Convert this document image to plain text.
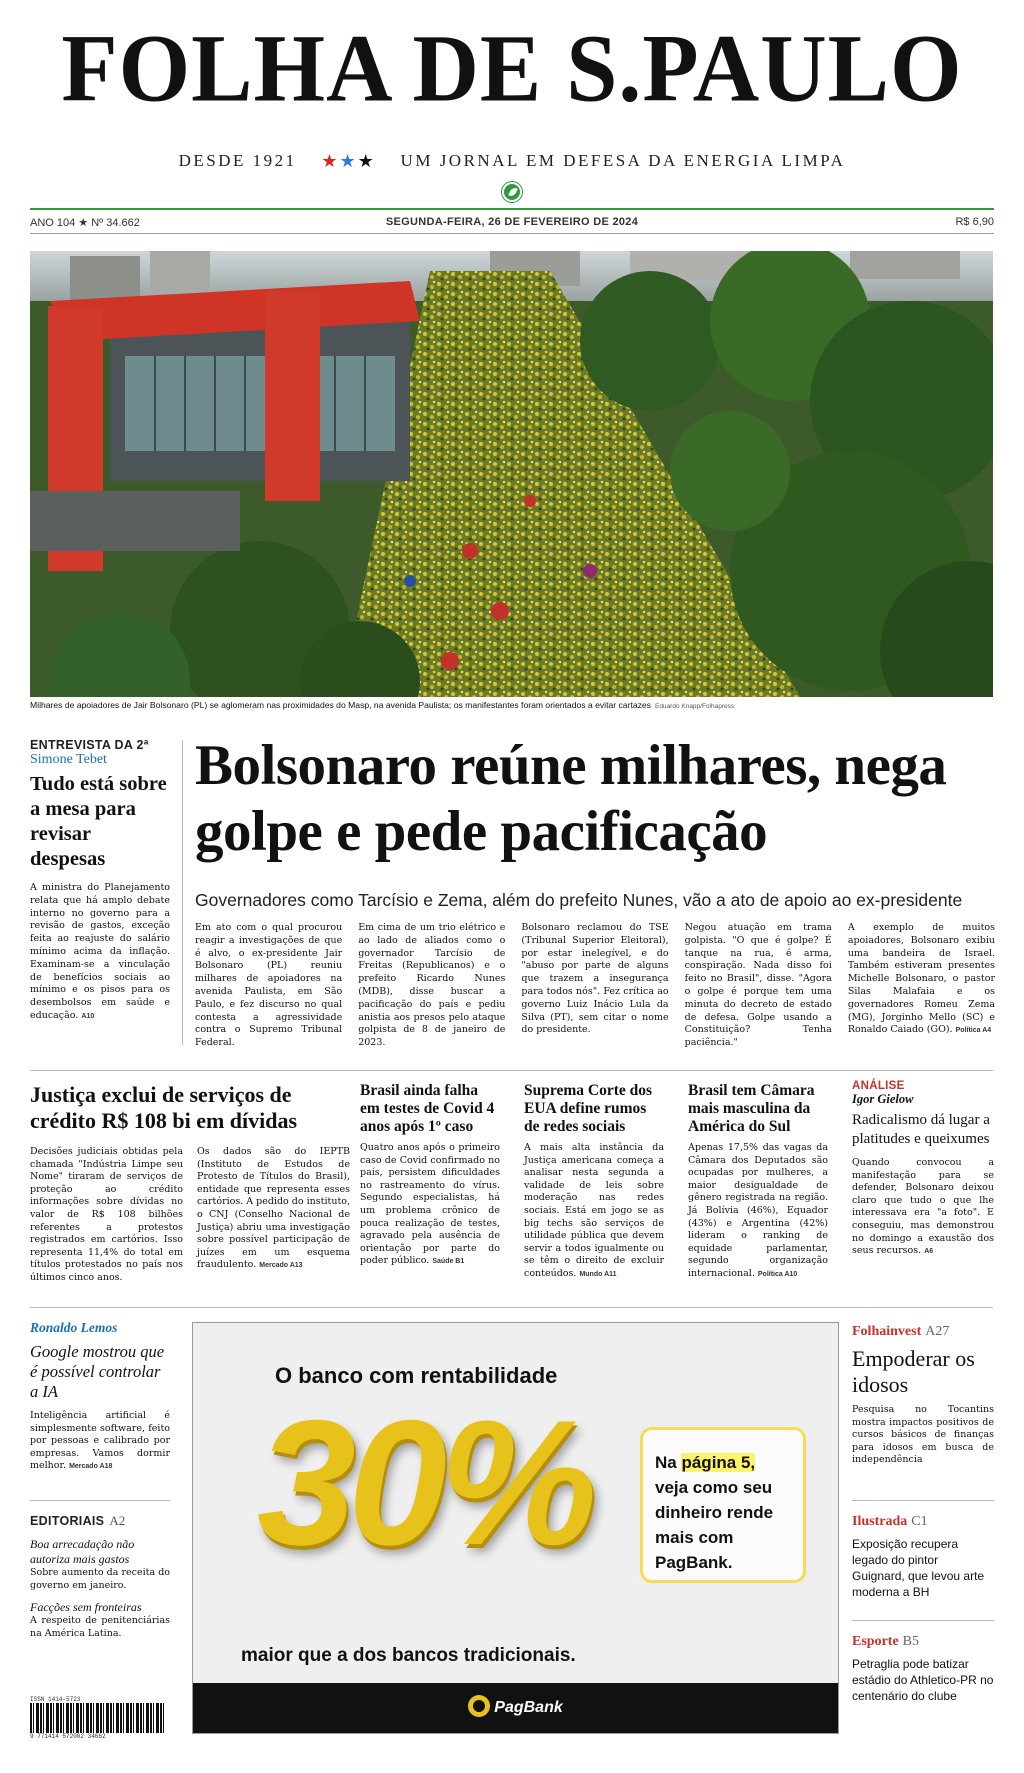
FOLHA DE S.PAULO
DESDE 1921 ★★★ UM JORNAL EM DEFESA DA ENERGIA LIMPA
ANO 104 ★ Nº 34.662	SEGUNDA-FEIRA, 26 DE FEVEREIRO DE 2024	R$ 6,90
Milhares de apoiadores de Jair Bolsonaro (PL) se aglomeram nas proximidades do Masp, na avenida Paulista; os manifestantes foram orientados a evitar cartazes Eduardo Knapp/Folhapress
ENTREVISTA DA 2ª
Simone Tebet
Tudo está sobre a mesa para revisar despesas
A ministra do Planejamento relata que há amplo debate interno no governo para a revisão de gastos, exceção feita ao reajuste do salário mínimo acima da inflação. Examinam-se a vinculação de benefícios sociais ao mínimo e os pisos para os desembolsos em saúde e educação. A10
Bolsonaro reúne milhares, nega golpe e pede pacificação
Governadores como Tarcísio e Zema, além do prefeito Nunes, vão a ato de apoio ao ex-presidente
Em ato com o qual procurou reagir a investigações de que é alvo, o ex-presidente Jair Bolsonaro (PL) reuniu milhares de apoiadores na avenida Paulista, em São Paulo, e fez discurso no qual contesta a agressividade contra o Supremo Tribunal Federal.
Em cima de um trio elétrico e ao lado de aliados como o governador Tarcísio de Freitas (Republicanos) e o prefeito Ricardo Nunes (MDB), disse buscar a pacificação do país e pediu anistia aos presos pelo ataque golpista de 8 de janeiro de 2023.
Bolsonaro reclamou do TSE (Tribunal Superior Eleitoral), por estar inelegível, e do "abuso por parte de alguns que trazem a insegurança para todos nós". Fez crítica ao governo Luiz Inácio Lula da Silva (PT), sem citar o nome do presidente.
Negou atuação em trama golpista. "O que é golpe? É tanque na rua, é arma, conspiração. Nada disso foi feito no Brasil", disse. "Agora o golpe é porque tem uma minuta do decreto de estado de defesa. Golpe usando a Constituição? Tenha paciência."
A exemplo de muitos apoiadores, Bolsonaro exibiu uma bandeira de Israel. Também estiveram presentes Michelle Bolsonaro, o pastor Silas Malafaia e os governadores Romeu Zema (MG), Jorginho Mello (SC) e Ronaldo Caiado (GO). Política A4
Justiça exclui de serviços de crédito R$ 108 bi em dívidas
Decisões judiciais obtidas pela chamada "Indústria Limpe seu Nome" tiraram de serviços de proteção ao crédito informações sobre dívidas no valor de R$ 108 bilhões referentes a protestos registrados em cartórios. Isso representa 11,4% do total em títulos protestados no país nos últimos cinco anos.
Os dados são do IEPTB (Instituto de Estudos de Protesto de Títulos do Brasil), entidade que representa esses cartórios. A pedido do instituto, o CNJ (Conselho Nacional de Justiça) abriu uma investigação sobre possível participação de juízes em um esquema fraudulento. Mercado A13
Brasil ainda falha em testes de Covid 4 anos após 1º caso
Quatro anos após o primeiro caso de Covid confirmado no país, persistem dificuldades no rastreamento do vírus. Segundo especialistas, há um problema crônico de pouca realização de testes, agravado pela ausência de orientação por parte do poder público. Saúde B1
Suprema Corte dos EUA define rumos de redes sociais
A mais alta instância da Justiça americana começa a analisar nesta segunda a validade de leis sobre moderação nas redes sociais. Está em jogo se as big techs são serviços de utilidade pública que devem servir a todos igualmente ou se têm o direito de excluir conteúdos. Mundo A11
Brasil tem Câmara mais masculina da América do Sul
Apenas 17,5% das vagas da Câmara dos Deputados são ocupadas por mulheres, a maior desigualdade de gênero registrada na região. Já Bolívia (46%), Equador (43%) e Argentina (42%) lideram o ranking de equidade parlamentar, segundo organização internacional. Política A10
ANÁLISE
Igor Gielow
Radicalismo dá lugar a platitudes e queixumes
Quando convocou a manifestação para se defender, Bolsonaro deixou claro que tudo o que lhe interessava era "a foto". E conseguiu, mas demonstrou no domingo a exaustão dos seus recursos. A6
Ronaldo Lemos
Google mostrou que é possível controlar a IA
Inteligência artificial é simplesmente software, feito por pessoas e calibrado por empresas. Vamos dormir melhor. Mercado A18
EDITORIAIS A2
Boa arrecadação não autoriza mais gastos
Sobre aumento da receita do governo em janeiro.
Facções sem fronteiras
A respeito de penitenciárias na América Latina.
ISSN 1414-5723
9 771414 572002 34662
O banco com rentabilidade
30%	Na página 5, veja como seu dinheiro rende mais com PagBank.
maior que a dos bancos tradicionais.
PagBank
Folhainvest A27
Empoderar os idosos
Pesquisa no Tocantins mostra impactos positivos de cursos básicos de finanças para idosos em busca de independência
Ilustrada C1
Exposição recupera legado do pintor Guignard, que levou arte moderna a BH
Esporte B5
Petraglia pode batizar estádio do Athletico-PR no centenário do clube
